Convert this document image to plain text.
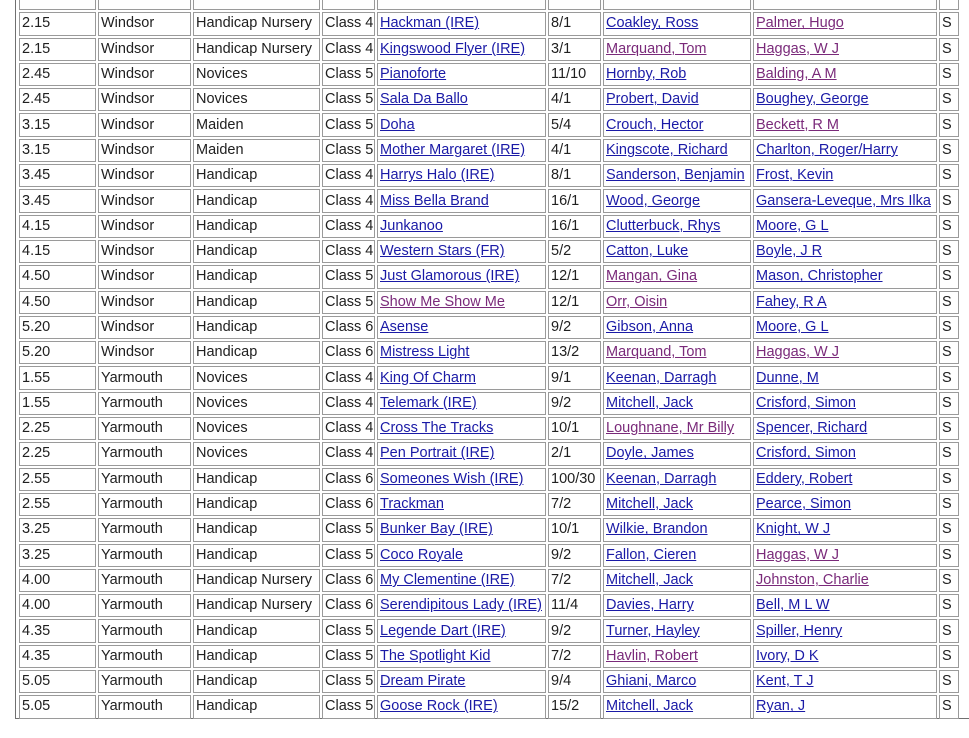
2.15	Windsor	Handicap Nursery	Class 4	Hackman (IRE)	8/1	Coakley, Ross	Palmer, Hugo	S
2.15	Windsor	Handicap Nursery	Class 4	Kingswood Flyer (IRE)	3/1	Marquand, Tom	Haggas, W J	S
2.45	Windsor	Novices	Class 5	Pianoforte	11/10	Hornby, Rob	Balding, A M	S
2.45	Windsor	Novices	Class 5	Sala Da Ballo	4/1	Probert, David	Boughey, George	S
3.15	Windsor	Maiden	Class 5	Doha	5/4	Crouch, Hector	Beckett, R M	S
3.15	Windsor	Maiden	Class 5	Mother Margaret (IRE)	4/1	Kingscote, Richard	Charlton, Roger/Harry	S
3.45	Windsor	Handicap	Class 4	Harrys Halo (IRE)	8/1	Sanderson, Benjamin	Frost, Kevin	S
3.45	Windsor	Handicap	Class 4	Miss Bella Brand	16/1	Wood, George	Gansera-Leveque, Mrs Ilka	S
4.15	Windsor	Handicap	Class 4	Junkanoo	16/1	Clutterbuck, Rhys	Moore, G L	S
4.15	Windsor	Handicap	Class 4	Western Stars (FR)	5/2	Catton, Luke	Boyle, J R	S
4.50	Windsor	Handicap	Class 5	Just Glamorous (IRE)	12/1	Mangan, Gina	Mason, Christopher	S
4.50	Windsor	Handicap	Class 5	Show Me Show Me	12/1	Orr, Oisin	Fahey, R A	S
5.20	Windsor	Handicap	Class 6	Asense	9/2	Gibson, Anna	Moore, G L	S
5.20	Windsor	Handicap	Class 6	Mistress Light	13/2	Marquand, Tom	Haggas, W J	S
1.55	Yarmouth	Novices	Class 4	King Of Charm	9/1	Keenan, Darragh	Dunne, M	S
1.55	Yarmouth	Novices	Class 4	Telemark (IRE)	9/2	Mitchell, Jack	Crisford, Simon	S
2.25	Yarmouth	Novices	Class 4	Cross The Tracks	10/1	Loughnane, Mr Billy	Spencer, Richard	S
2.25	Yarmouth	Novices	Class 4	Pen Portrait (IRE)	2/1	Doyle, James	Crisford, Simon	S
2.55	Yarmouth	Handicap	Class 6	Someones Wish (IRE)	100/30	Keenan, Darragh	Eddery, Robert	S
2.55	Yarmouth	Handicap	Class 6	Trackman	7/2	Mitchell, Jack	Pearce, Simon	S
3.25	Yarmouth	Handicap	Class 5	Bunker Bay (IRE)	10/1	Wilkie, Brandon	Knight, W J	S
3.25	Yarmouth	Handicap	Class 5	Coco Royale	9/2	Fallon, Cieren	Haggas, W J	S
4.00	Yarmouth	Handicap Nursery	Class 6	My Clementine (IRE)	7/2	Mitchell, Jack	Johnston, Charlie	S
4.00	Yarmouth	Handicap Nursery	Class 6	Serendipitous Lady (IRE)	11/4	Davies, Harry	Bell, M L W	S
4.35	Yarmouth	Handicap	Class 5	Legende Dart (IRE)	9/2	Turner, Hayley	Spiller, Henry	S
4.35	Yarmouth	Handicap	Class 5	The Spotlight Kid	7/2	Havlin, Robert	Ivory, D K	S
5.05	Yarmouth	Handicap	Class 5	Dream Pirate	9/4	Ghiani, Marco	Kent, T J	S
5.05	Yarmouth	Handicap	Class 5	Goose Rock (IRE)	15/2	Mitchell, Jack	Ryan, J	S
